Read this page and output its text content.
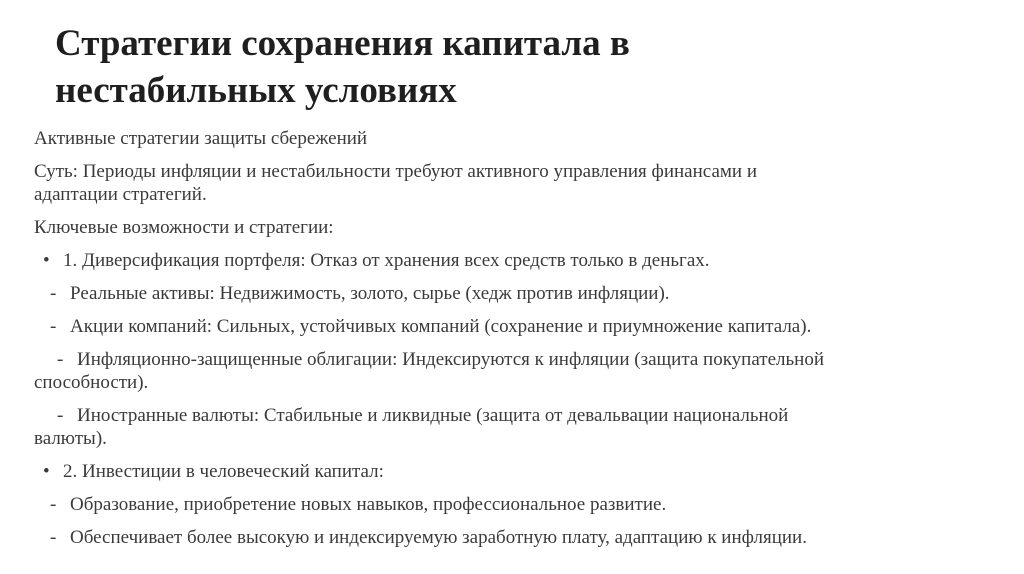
Стратегии сохранения капитала в
нестабильных условиях

Активные стратегии защиты сбережений

Суть: Периоды инфляции и нестабильности требуют активного управления финансами и
адаптации стратегий.

Ключевые возможности и стратегии:

• 1. Диверсификация портфеля: Отказ от хранения всех средств только в деньгах.

- Реальные активы: Недвижимость, золото, сырье (хедж против инфляции).

- Акции компаний: Сильных, устойчивых компаний (сохранение и приумножение капитала).

- Инфляционно-защищенные облигации: Индексируются к инфляции (защита покупательной
способности).

- Иностранные валюты: Стабильные и ликвидные (защита от девальвации национальной
валюты).

• 2. Инвестиции в человеческий капитал:

- Образование, приобретение новых навыков, профессиональное развитие.

- Обеспечивает более высокую и индексируемую заработную плату, адаптацию к инфляции.
